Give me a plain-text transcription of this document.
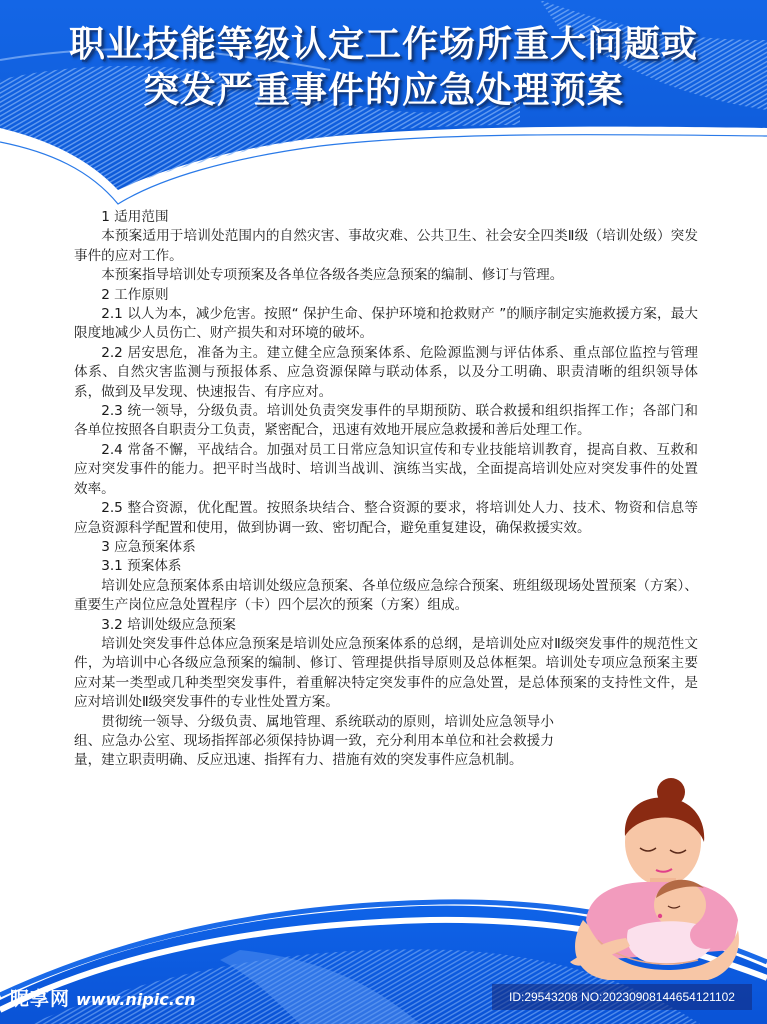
职业技能等级认定工作场所重大问题或
突发严重事件的应急处理预案

1 适用范围

本预案适用于培训处范围内的自然灾害、事故灾难、公共卫生、社会安全四类Ⅱ级（培训处级）突发事件的应对工作。

本预案指导培训处专项预案及各单位各级各类应急预案的编制、修订与管理。

2 工作原则

2.1 以人为本，减少危害。按照“ 保护生命、保护环境和抢救财产 ”的顺序制定实施救援方案，最大限度地减少人员伤亡、财产损失和对环境的破坏。

2.2 居安思危，准备为主。建立健全应急预案体系、危险源监测与评估体系、重点部位监控与管理体系、自然灾害监测与预报体系、应急资源保障与联动体系，以及分工明确、职责清晰的组织领导体系，做到及早发现、快速报告、有序应对。

2.3 统一领导，分级负责。培训处负责突发事件的早期预防、联合救援和组织指挥工作；各部门和各单位按照各自职责分工负责，紧密配合，迅速有效地开展应急救援和善后处理工作。

2.4 常备不懈，平战结合。加强对员工日常应急知识宣传和专业技能培训教育，提高自救、互救和应对突发事件的能力。把平时当战时、培训当战训、演练当实战，全面提高培训处应对突发事件的处置效率。

2.5 整合资源，优化配置。按照条块结合、整合资源的要求，将培训处人力、技术、物资和信息等应急资源科学配置和使用，做到协调一致、密切配合，避免重复建设，确保救援实效。

3 应急预案体系

3.1 预案体系

培训处应急预案体系由培训处级应急预案、各单位级应急综合预案、班组级现场处置预案（方案）、重要生产岗位应急处置程序（卡）四个层次的预案（方案）组成。

3.2 培训处级应急预案

培训处突发事件总体应急预案是培训处应急预案体系的总纲，是培训处应对Ⅱ级突发事件的规范性文件，为培训中心各级应急预案的编制、修订、管理提供指导原则及总体框架。培训处专项应急预案主要应对某一类型或几种类型突发事件，着重解决特定突发事件的应急处置，是总体预案的支持性文件，是应对培训处Ⅱ级突发事件的专业性处置方案。

贯彻统一领导、分级负责、属地管理、系统联动的原则，培训处应急领导小组、应急办公室、现场指挥部必须保持协调一致，充分利用本单位和社会救援力量，建立职责明确、反应迅速、指挥有力、措施有效的突发事件应急机制。

昵享网 www.nipic.cn	ID:29543208 NO:20230908144654121102
